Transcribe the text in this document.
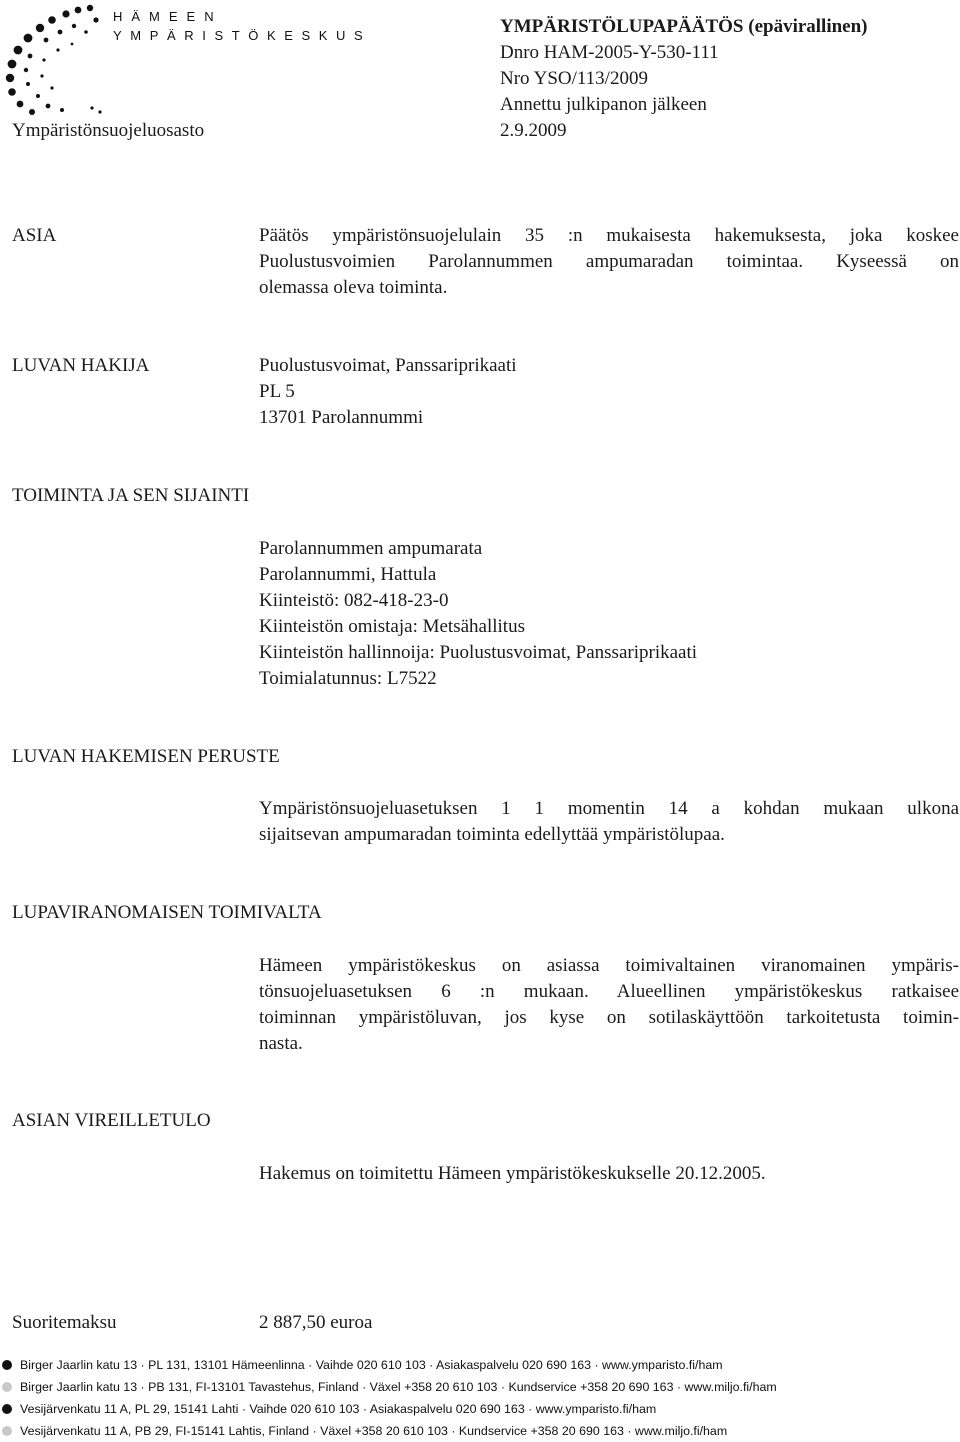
HÄMEEN
YMPÄRISTÖKESKUS	YMPÄRISTÖLUPAPÄÄTÖS (epävirallinen)
Dnro HAM-2005-Y-530-111
Nro YSO/113/2009
Annettu julkipanon jälkeen
2.9.2009
Ympäristönsuojeluosasto
ASIA	Päätös ympäristönsuojelulain 35 :n mukaisesta hakemuksesta, joka koskee
Puolustusvoimien Parolannummen ampumaradan toimintaa. Kyseessä on
olemassa oleva toiminta.
LUVAN HAKIJA	Puolustusvoimat, Panssariprikaati
PL 5
13701 Parolannummi
TOIMINTA JA SEN SIJAINTI
Parolannummen ampumarata
Parolannummi, Hattula
Kiinteistö: 082-418-23-0
Kiinteistön omistaja: Metsähallitus
Kiinteistön hallinnoija: Puolustusvoimat, Panssariprikaati
Toimialatunnus: L7522
LUVAN HAKEMISEN PERUSTE
Ympäristönsuojeluasetuksen 1 1 momentin 14 a kohdan mukaan ulkona
sijaitsevan ampumaradan toiminta edellyttää ympäristölupaa.
LUPAVIRANOMAISEN TOIMIVALTA
Hämeen ympäristökeskus on asiassa toimivaltainen viranomainen ympäris-
tönsuojeluasetuksen 6 :n mukaan. Alueellinen ympäristökeskus ratkaisee
toiminnan ympäristöluvan, jos kyse on sotilaskäyttöön tarkoitetusta toimin-
nasta.
ASIAN VIREILLETULO
Hakemus on toimitettu Hämeen ympäristökeskukselle 20.12.2005.
Suoritemaksu	2 887,50 euroa
Birger Jaarlin katu 13 · PL 131, 13101 Hämeenlinna · Vaihde 020 610 103 · Asiakaspalvelu 020 690 163 · www.ymparisto.fi/ham
Birger Jaarlin katu 13 · PB 131, FI-13101 Tavastehus, Finland · Växel +358 20 610 103 · Kundservice +358 20 690 163 · www.miljo.fi/ham
Vesijärvenkatu 11 A, PL 29, 15141 Lahti · Vaihde 020 610 103 · Asiakaspalvelu 020 690 163 · www.ymparisto.fi/ham
Vesijärvenkatu 11 A, PB 29, FI-15141 Lahtis, Finland · Växel +358 20 610 103 · Kundservice +358 20 690 163 · www.miljo.fi/ham
